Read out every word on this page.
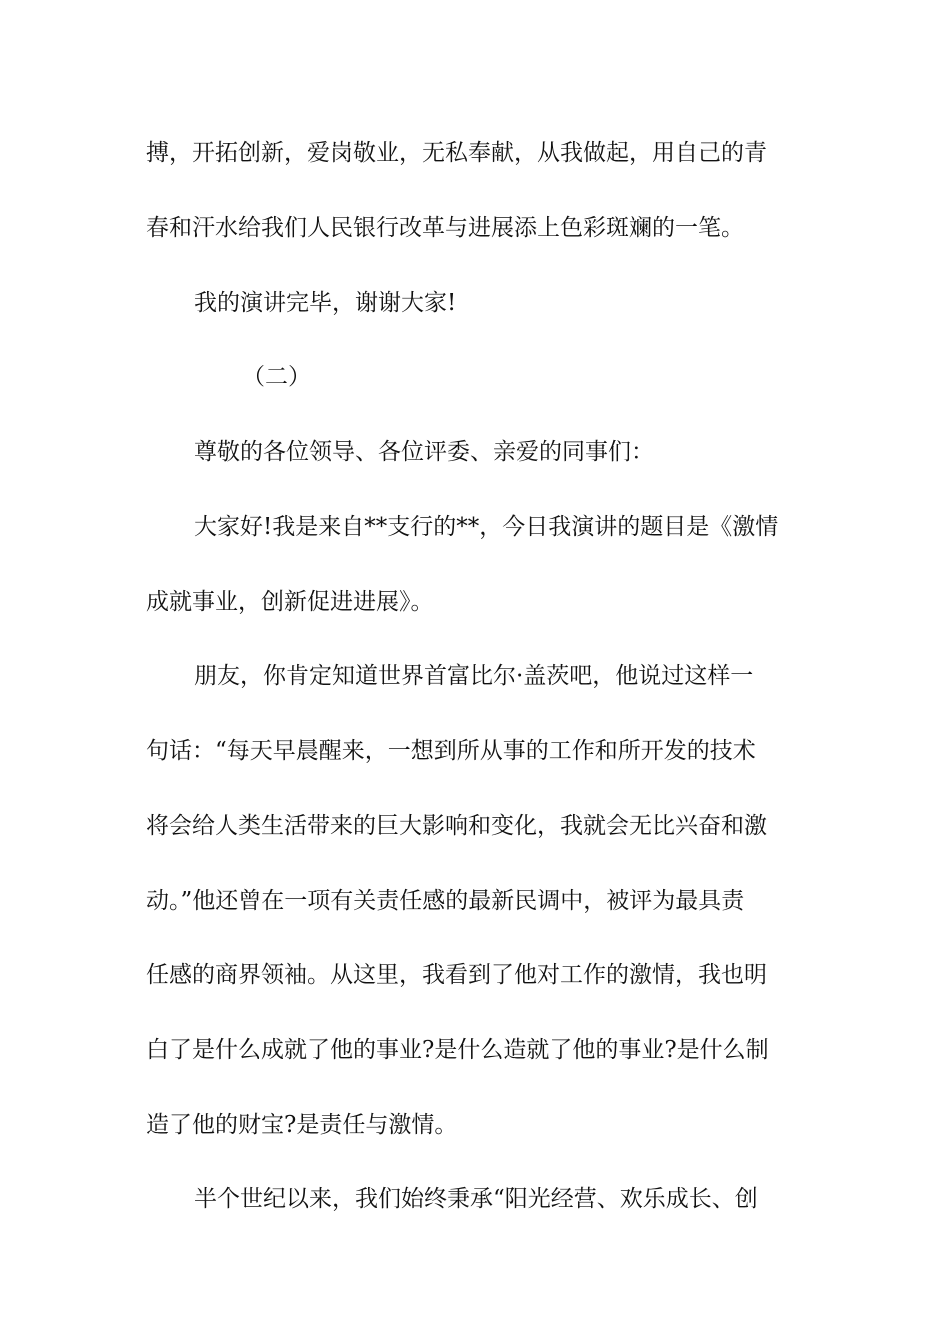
搏，开拓创新，爱岗敬业，无私奉献，从我做起，用自己的青
春和汗水给我们人民银行改革与进展添上色彩斑斓的一笔。
我的演讲完毕，谢谢大家!
（二）
尊敬的各位领导、各位评委、亲爱的同事们：
大家好!我是来自**支行的**，今日我演讲的题目是《激情
成就事业，创新促进进展》。
朋友，你肯定知道世界首富比尔·盖茨吧，他说过这样一
句话：“每天早晨醒来，一想到所从事的工作和所开发的技术
将会给人类生活带来的巨大影响和变化，我就会无比兴奋和激
动。”他还曾在一项有关责任感的最新民调中，被评为最具责
任感的商界领袖。从这里，我看到了他对工作的激情，我也明
白了是什么成就了他的事业?是什么造就了他的事业?是什么制
造了他的财宝?是责任与激情。
半个世纪以来，我们始终秉承“阳光经营、欢乐成长、创
